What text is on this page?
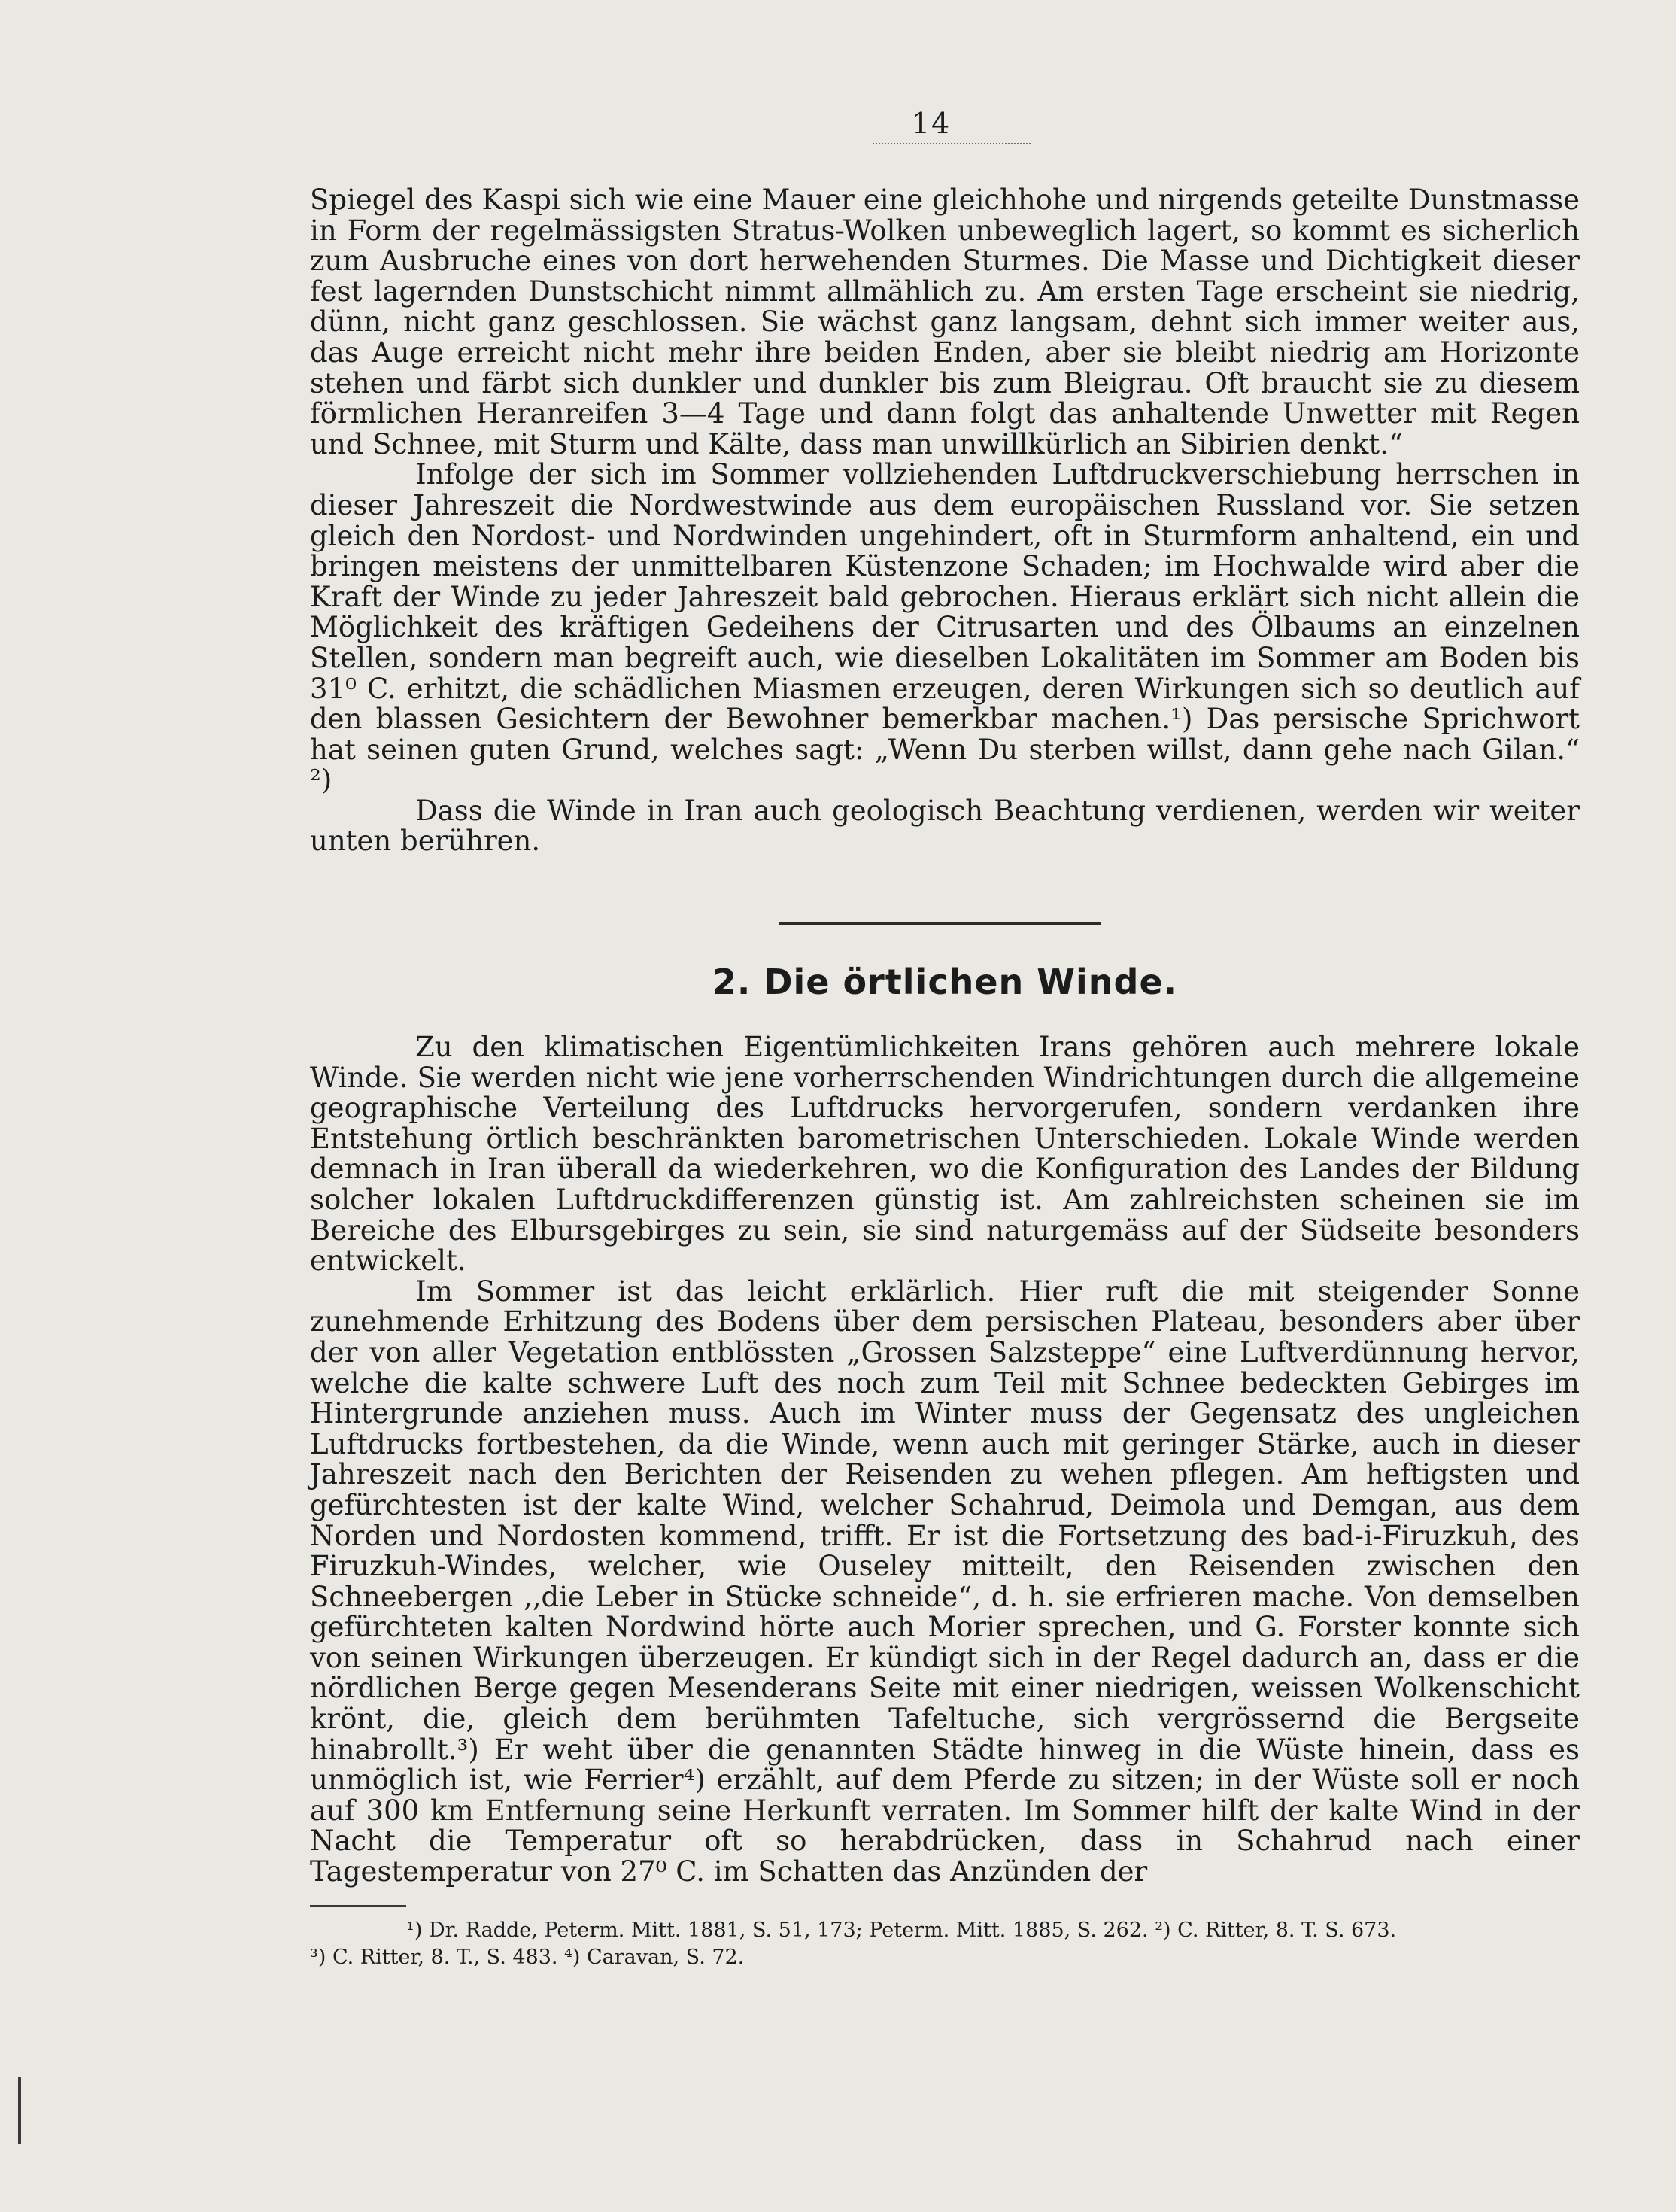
14

Spiegel des Kaspi sich wie eine Mauer eine gleichhohe und nirgends geteilte Dunstmasse in Form der regelmässigsten Stratus-Wolken unbeweglich lagert, so kommt es sicherlich zum Ausbruche eines von dort herwehenden Sturmes. Die Masse und Dichtigkeit dieser fest lagernden Dunstschicht nimmt allmählich zu. Am ersten Tage erscheint sie niedrig, dünn, nicht ganz geschlossen. Sie wächst ganz langsam, dehnt sich immer weiter aus, das Auge erreicht nicht mehr ihre beiden Enden, aber sie bleibt niedrig am Horizonte stehen und färbt sich dunkler und dunkler bis zum Bleigrau. Oft braucht sie zu diesem förmlichen Heranreifen 3—4 Tage und dann folgt das anhaltende Unwetter mit Regen und Schnee, mit Sturm und Kälte, dass man unwillkürlich an Sibirien denkt.“

Infolge der sich im Sommer vollziehenden Luftdruckverschiebung herrschen in dieser Jahreszeit die Nordwestwinde aus dem europäischen Russland vor. Sie setzen gleich den Nordost- und Nordwinden ungehindert, oft in Sturmform anhaltend, ein und bringen meistens der unmittelbaren Küstenzone Schaden; im Hochwalde wird aber die Kraft der Winde zu jeder Jahreszeit bald gebrochen. Hieraus erklärt sich nicht allein die Möglichkeit des kräftigen Gedeihens der Citrusarten und des Ölbaums an einzelnen Stellen, sondern man begreift auch, wie dieselben Lokalitäten im Sommer am Boden bis 31⁰ C. erhitzt, die schädlichen Miasmen erzeugen, deren Wirkungen sich so deutlich auf den blassen Gesichtern der Bewohner bemerkbar machen.¹) Das persische Sprichwort hat seinen guten Grund, welches sagt: „Wenn Du sterben willst, dann gehe nach Gilan.“ ²)

Dass die Winde in Iran auch geologisch Beachtung verdienen, werden wir weiter unten berühren.

2. Die örtlichen Winde.

Zu den klimatischen Eigentümlichkeiten Irans gehören auch mehrere lokale Winde. Sie werden nicht wie jene vorherrschenden Windrichtungen durch die allgemeine geographische Verteilung des Luftdrucks hervorgerufen, sondern verdanken ihre Entstehung örtlich beschränkten barometrischen Unterschieden. Lokale Winde werden demnach in Iran überall da wiederkehren, wo die Konfiguration des Landes der Bildung solcher lokalen Luftdruckdifferenzen günstig ist. Am zahlreichsten scheinen sie im Bereiche des Elbursgebirges zu sein, sie sind naturgemäss auf der Südseite besonders entwickelt.

Im Sommer ist das leicht erklärlich. Hier ruft die mit steigender Sonne zunehmende Erhitzung des Bodens über dem persischen Plateau, besonders aber über der von aller Vegetation entblössten „Grossen Salzsteppe“ eine Luftverdünnung hervor, welche die kalte schwere Luft des noch zum Teil mit Schnee bedeckten Gebirges im Hintergrunde anziehen muss. Auch im Winter muss der Gegensatz des ungleichen Luftdrucks fortbestehen, da die Winde, wenn auch mit geringer Stärke, auch in dieser Jahreszeit nach den Berichten der Reisenden zu wehen pflegen. Am heftigsten und gefürchtesten ist der kalte Wind, welcher Schahrud, Deimola und Demgan, aus dem Norden und Nordosten kommend, trifft. Er ist die Fortsetzung des bad-i-Firuzkuh, des Firuzkuh-Windes, welcher, wie Ouseley mitteilt, den Reisenden zwischen den Schneebergen ,,die Leber in Stücke schneide“, d. h. sie erfrieren mache. Von demselben gefürchteten kalten Nordwind hörte auch Morier sprechen, und G. Forster konnte sich von seinen Wirkungen überzeugen. Er kündigt sich in der Regel dadurch an, dass er die nördlichen Berge gegen Mesenderans Seite mit einer niedrigen, weissen Wolkenschicht krönt, die, gleich dem berühmten Tafeltuche, sich vergrössernd die Bergseite hinabrollt.³) Er weht über die genannten Städte hinweg in die Wüste hinein, dass es unmöglich ist, wie Ferrier⁴) erzählt, auf dem Pferde zu sitzen; in der Wüste soll er noch auf 300 km Entfernung seine Herkunft verraten. Im Sommer hilft der kalte Wind in der Nacht die Temperatur oft so herabdrücken, dass in Schahrud nach einer Tagestemperatur von 27⁰ C. im Schatten das Anzünden der

¹) Dr. Radde, Peterm. Mitt. 1881, S. 51, 173; Peterm. Mitt. 1885, S. 262. ²) C. Ritter, 8. T. S. 673.

³) C. Ritter, 8. T., S. 483. ⁴) Caravan, S. 72.
